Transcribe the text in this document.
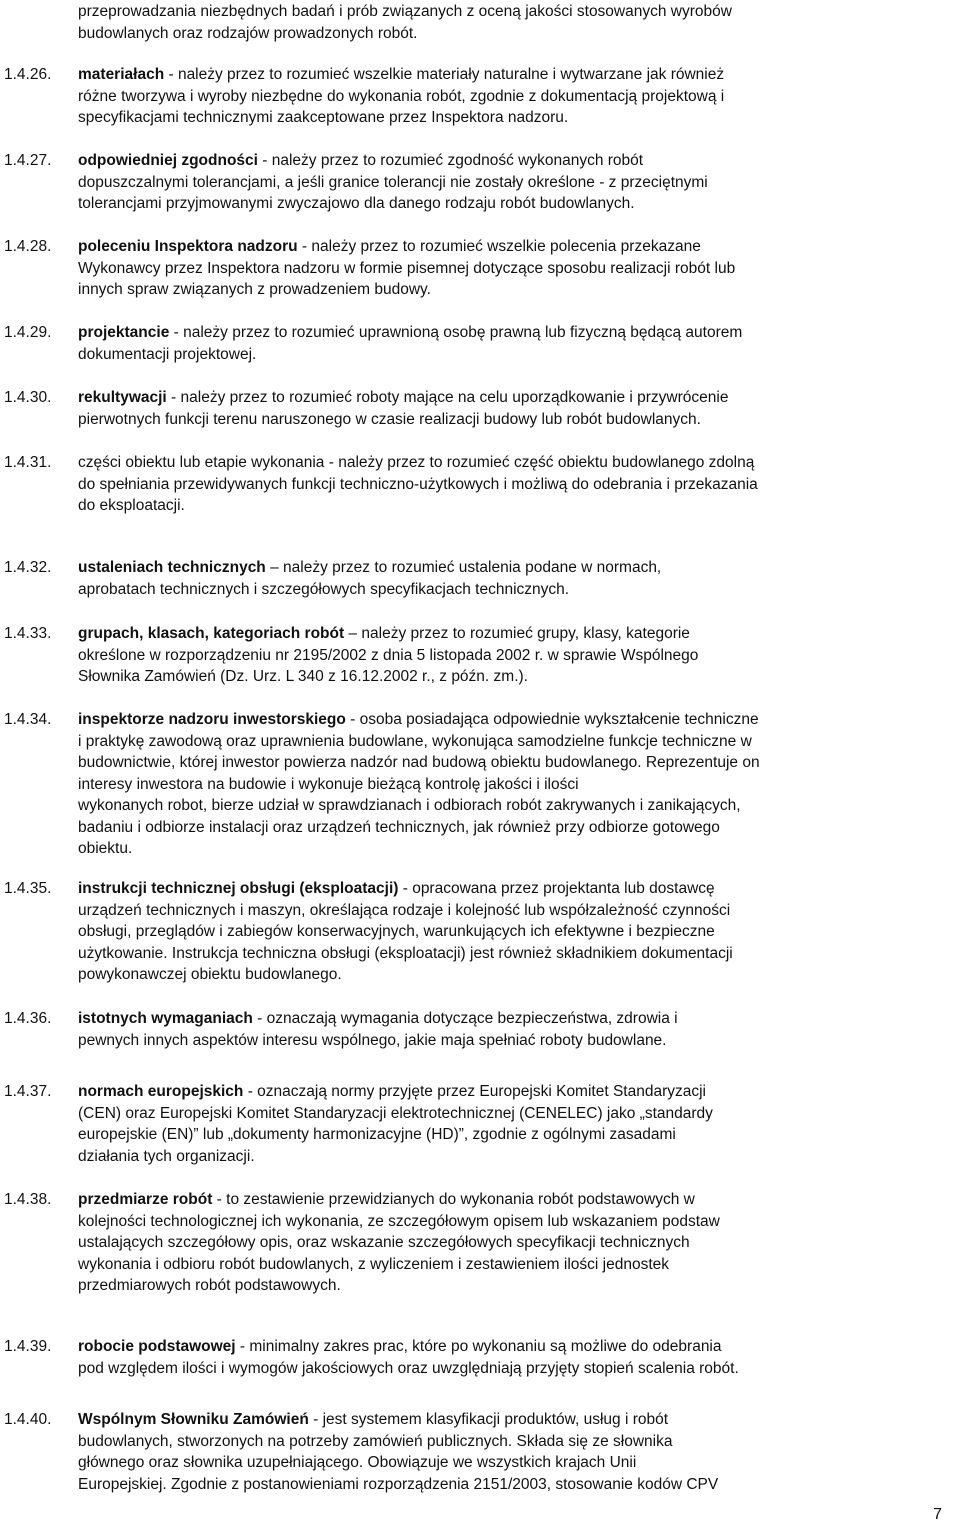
przeprowadzania niezbędnych badań i prób związanych z oceną jakości stosowanych wyrobów
budowlanych oraz rodzajów prowadzonych robót.
1.4.26. materiałach - należy przez to rozumieć wszelkie materiały naturalne i wytwarzane jak również
różne tworzywa i wyroby niezbędne do wykonania robót, zgodnie z dokumentacją projektową i
specyfikacjami technicznymi zaakceptowane przez Inspektora nadzoru.
1.4.27. odpowiedniej zgodności - należy przez to rozumieć zgodność wykonanych robót
dopuszczalnymi tolerancjami, a jeśli granice tolerancji nie zostały określone - z przeciętnymi
tolerancjami przyjmowanymi zwyczajowo dla danego rodzaju robót budowlanych.
1.4.28. poleceniu Inspektora nadzoru - należy przez to rozumieć wszelkie polecenia przekazane
Wykonawcy przez Inspektora nadzoru w formie pisemnej dotyczące sposobu realizacji robót lub
innych spraw związanych z prowadzeniem budowy.
1.4.29. projektancie - należy przez to rozumieć uprawnioną osobę prawną lub fizyczną będącą autorem
dokumentacji projektowej.
1.4.30. rekultywacji - należy przez to rozumieć roboty mające na celu uporządkowanie i przywrócenie
pierwotnych funkcji terenu naruszonego w czasie realizacji budowy lub robót budowlanych.
1.4.31. części obiektu lub etapie wykonania - należy przez to rozumieć część obiektu budowlanego zdolną
do spełniania przewidywanych funkcji techniczno-użytkowych i możliwą do odebrania i przekazania
do eksploatacji.
1.4.32. ustaleniach technicznych – należy przez to rozumieć ustalenia podane w normach,
aprobatach technicznych i szczegółowych specyfikacjach technicznych.
1.4.33. grupach, klasach, kategoriach robót – należy przez to rozumieć grupy, klasy, kategorie
określone w rozporządzeniu nr 2195/2002 z dnia 5 listopada 2002 r. w sprawie Wspólnego
Słownika Zamówień (Dz. Urz. L 340 z 16.12.2002 r., z późn. zm.).
1.4.34. inspektorze nadzoru inwestorskiego - osoba posiadająca odpowiednie wykształcenie techniczne
i praktykę zawodową oraz uprawnienia budowlane, wykonująca samodzielne funkcje techniczne w
budownictwie, której inwestor powierza nadzór nad budową obiektu budowlanego. Reprezentuje on
interesy inwestora na budowie i wykonuje bieżącą kontrolę jakości i ilości
wykonanych robot, bierze udział w sprawdzianach i odbiorach robót zakrywanych i zanikających,
badaniu i odbiorze instalacji oraz urządzeń technicznych, jak również przy odbiorze gotowego
obiektu.
1.4.35. instrukcji technicznej obsługi (eksploatacji) - opracowana przez projektanta lub dostawcę
urządzeń technicznych i maszyn, określająca rodzaje i kolejność lub współzależność czynności
obsługi, przeglądów i zabiegów konserwacyjnych, warunkujących ich efektywne i bezpieczne
użytkowanie. Instrukcja techniczna obsługi (eksploatacji) jest również składnikiem dokumentacji
powykonawczej obiektu budowlanego.
1.4.36. istotnych wymaganiach - oznaczają wymagania dotyczące bezpieczeństwa, zdrowia i
pewnych innych aspektów interesu wspólnego, jakie maja spełniać roboty budowlane.
1.4.37. normach europejskich - oznaczają normy przyjęte przez Europejski Komitet Standaryzacji
(CEN) oraz Europejski Komitet Standaryzacji elektrotechnicznej (CENELEC) jako „standardy
europejskie (EN)” lub „dokumenty harmonizacyjne (HD)”, zgodnie z ogólnymi zasadami
działania tych organizacji.
1.4.38. przedmiarze robót - to zestawienie przewidzianych do wykonania robót podstawowych w
kolejności technologicznej ich wykonania, ze szczegółowym opisem lub wskazaniem podstaw
ustalających szczegółowy opis, oraz wskazanie szczegółowych specyfikacji technicznych
wykonania i odbioru robót budowlanych, z wyliczeniem i zestawieniem ilości jednostek
przedmiarowych robót podstawowych.
1.4.39. robocie podstawowej - minimalny zakres prac, które po wykonaniu są możliwe do odebrania
pod względem ilości i wymogów jakościowych oraz uwzględniają przyjęty stopień scalenia robót.
1.4.40. Wspólnym Słowniku Zamówień - jest systemem klasyfikacji produktów, usług i robót
budowlanych, stworzonych na potrzeby zamówień publicznych. Składa się ze słownika
głównego oraz słownika uzupełniającego. Obowiązuje we wszystkich krajach Unii
Europejskiej. Zgodnie z postanowieniami rozporządzenia 2151/2003, stosowanie kodów CPV
7
